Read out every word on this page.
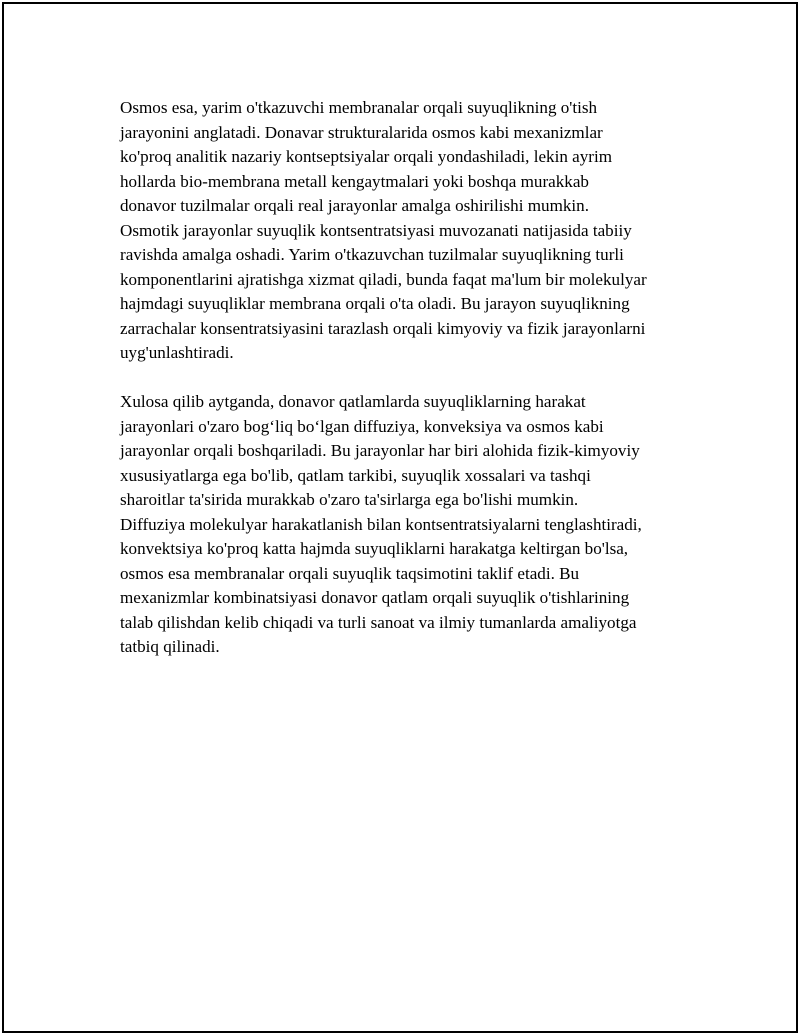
Osmos esa, yarim o'tkazuvchi membranalar orqali suyuqlikning o'tish
jarayonini anglatadi. Donavar strukturalarida osmos kabi mexanizmlar
ko'proq analitik nazariy kontseptsiyalar orqali yondashiladi, lekin ayrim
hollarda bio-membrana metall kengaytmalari yoki boshqa murakkab
donavor tuzilmalar orqali real jarayonlar amalga oshirilishi mumkin.
Osmotik jarayonlar suyuqlik kontsentratsiyasi muvozanati natijasida tabiiy
ravishda amalga oshadi. Yarim o'tkazuvchan tuzilmalar suyuqlikning turli
komponentlarini ajratishga xizmat qiladi, bunda faqat ma'lum bir molekulyar
hajmdagi suyuqliklar membrana orqali o'ta oladi. Bu jarayon suyuqlikning
zarrachalar konsentratsiyasini tarazlash orqali kimyoviy va fizik jarayonlarni
uyg'unlashtiradi.

Xulosa qilib aytganda, donavor qatlamlarda suyuqliklarning harakat
jarayonlari o'zaro bog‘liq bo‘lgan diffuziya, konveksiya va osmos kabi
jarayonlar orqali boshqariladi. Bu jarayonlar har biri alohida fizik-kimyoviy
xususiyatlarga ega bo'lib, qatlam tarkibi, suyuqlik xossalari va tashqi
sharoitlar ta'sirida murakkab o'zaro ta'sirlarga ega bo'lishi mumkin.
Diffuziya molekulyar harakatlanish bilan kontsentratsiyalarni tenglashtiradi,
konvektsiya ko'proq katta hajmda suyuqliklarni harakatga keltirgan bo'lsa,
osmos esa membranalar orqali suyuqlik taqsimotini taklif etadi. Bu
mexanizmlar kombinatsiyasi donavor qatlam orqali suyuqlik o'tishlarining
talab qilishdan kelib chiqadi va turli sanoat va ilmiy tumanlarda amaliyotga
tatbiq qilinadi.
